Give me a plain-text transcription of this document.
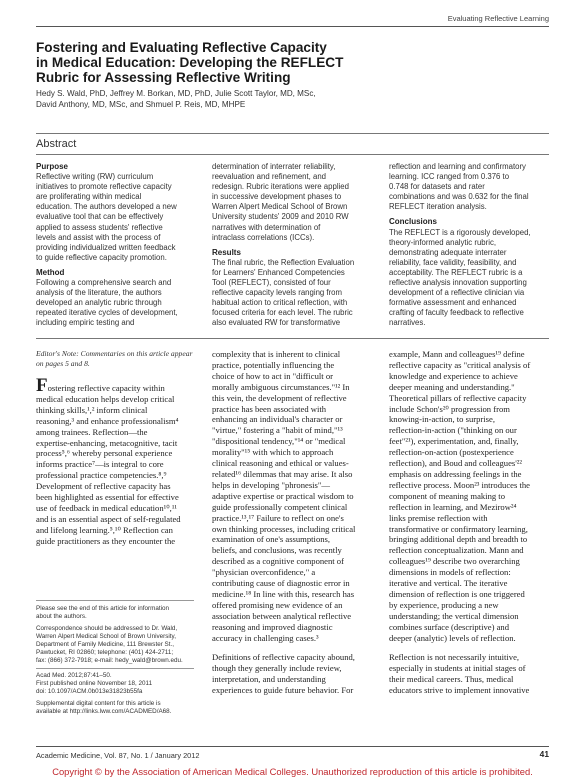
Evaluating Reflective Learning
Fostering and Evaluating Reflective Capacity
in Medical Education: Developing the REFLECT
Rubric for Assessing Reflective Writing
Hedy S. Wald, PhD, Jeffrey M. Borkan, MD, PhD, Julie Scott Taylor, MD, MSc,
David Anthony, MD, MSc, and Shmuel P. Reis, MD, MHPE
Abstract
Purpose
Reflective writing (RW) curriculum
initiatives to promote reflective capacity
are proliferating within medical
education. The authors developed a new
evaluative tool that can be effectively
applied to assess students' reflective
levels and assist with the process of
providing individualized written feedback
to guide reflective capacity promotion.
Method
Following a comprehensive search and
analysis of the literature, the authors
developed an analytic rubric through
repeated iterative cycles of development,
including empiric testing and
determination of interrater reliability,
reevaluation and refinement, and
redesign. Rubric iterations were applied
in successive development phases to
Warren Alpert Medical School of Brown
University students' 2009 and 2010 RW
narratives with determination of
intraclass correlations (ICCs).
Results
The final rubric, the Reflection Evaluation
for Learners' Enhanced Competencies
Tool (REFLECT), consisted of four
reflective capacity levels ranging from
habitual action to critical reflection, with
focused criteria for each level. The rubric
also evaluated RW for transformative
reflection and learning and confirmatory
learning. ICC ranged from 0.376 to
0.748 for datasets and rater
combinations and was 0.632 for the final
REFLECT iteration analysis.
Conclusions
The REFLECT is a rigorously developed,
theory-informed analytic rubric,
demonstrating adequate interrater
reliability, face validity, feasibility, and
acceptability. The REFLECT rubric is a
reflective analysis innovation supporting
development of a reflective clinician via
formative assessment and enhanced
crafting of faculty feedback to reflective
narratives.
Editor's Note: Commentaries on this article appear
on pages 5 and 8.
Fostering reflective capacity within
medical education helps develop critical
thinking skills,¹,² inform clinical
reasoning,³ and enhance professionalism⁴
among trainees. Reflection—the
expertise-enhancing, metacognitive, tacit
process⁵,⁶ whereby personal experience
informs practice⁷—is integral to core
professional practice competencies.⁸,⁹
Development of reflective capacity has
been highlighted as essential for effective
use of feedback in medical education¹⁰,¹¹
and is an essential aspect of self-regulated
and lifelong learning.⁵,¹⁰ Reflection can
guide practitioners as they encounter the
complexity that is inherent to clinical
practice, potentially influencing the
choice of how to act in "difficult or
morally ambiguous circumstances."¹² In
this vein, the development of reflective
practice has been associated with
enhancing an individual's character or
"virtue," fostering a "habit of mind,"¹³
"dispositional tendency,"¹⁴ or "medical
morality"¹⁵ with which to approach
clinical reasoning and ethical or values-
related¹⁶ dilemmas that may arise. It also
helps in developing "phronesis"—
adaptive expertise or practical wisdom to
guide professionally competent clinical
practice.¹³,¹⁷ Failure to reflect on one's
own thinking processes, including critical
examination of one's assumptions,
beliefs, and conclusions, was recently
described as a cognitive component of
"physician overconfidence," a
contributing cause of diagnostic error in
medicine.¹⁸ In line with this, research has
offered promising new evidence of an
association between analytical reflective
reasoning and improved diagnostic
accuracy in challenging cases.³
Definitions of reflective capacity abound,
though they generally include review,
interpretation, and understanding
experiences to guide future behavior. For
example, Mann and colleagues¹⁹ define
reflective capacity as "critical analysis of
knowledge and experience to achieve
deeper meaning and understanding."
Theoretical pillars of reflective capacity
include Schon's²⁰ progression from
knowing-in-action, to surprise,
reflection-in-action ("thinking on our
feet"²¹), experimentation, and, finally,
reflection-on-action (postexperience
reflection), and Boud and colleagues'²²
emphasis on addressing feelings in the
reflective process. Moon²³ introduces the
component of meaning making to
reflection in learning, and Mezirow²⁴
links premise reflection with
transformative or confirmatory learning,
bringing additional depth and breadth to
reflection conceptualization. Mann and
colleagues¹⁹ describe two overarching
dimensions in models of reflection:
iterative and vertical. The iterative
dimension of reflection is one triggered
by experience, producing a new
understanding; the vertical dimension
combines surface (descriptive) and
deeper (analytic) levels of reflection.
Reflection is not necessarily intuitive,
especially in students at initial stages of
their medical careers. Thus, medical
educators strive to implement innovative
Please see the end of this article for information
about the authors.
Correspondence should be addressed to Dr. Wald,
Warren Alpert Medical School of Brown University,
Department of Family Medicine, 111 Brewster St.,
Pawtucket, RI 02860; telephone: (401) 424-2711;
fax: (866) 372-7918; e-mail: hedy_wald@brown.edu.
Acad Med. 2012;87:41–50.
First published online November 18, 2011
doi: 10.1097/ACM.0b013e31823b55fa
Supplemental digital content for this article is
available at http://links.lww.com/ACADMED/A68.
Academic Medicine, Vol. 87, No. 1 / January 2012	41
Copyright © by the Association of American Medical Colleges. Unauthorized reproduction of this article is prohibited.
